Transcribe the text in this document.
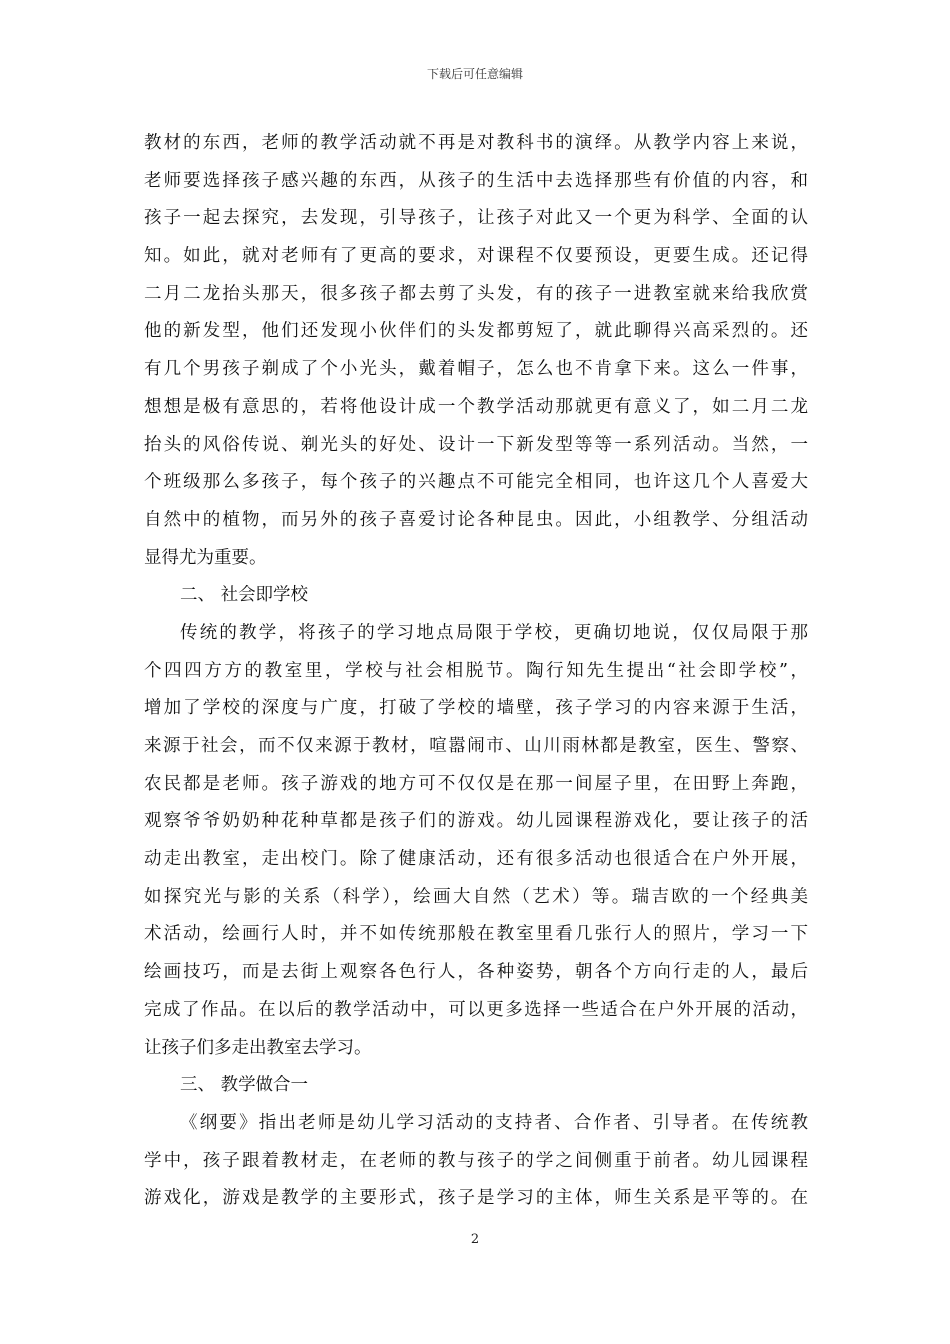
下载后可任意编辑
教材的东西，老师的教学活动就不再是对教科书的演绎。从教学内容上来说，
老师要选择孩子感兴趣的东西，从孩子的生活中去选择那些有价值的内容，和
孩子一起去探究，去发现，引导孩子，让孩子对此又一个更为科学、全面的认
知。如此，就对老师有了更高的要求，对课程不仅要预设，更要生成。还记得
二月二龙抬头那天，很多孩子都去剪了头发，有的孩子一进教室就来给我欣赏
他的新发型，他们还发现小伙伴们的头发都剪短了，就此聊得兴高采烈的。还
有几个男孩子剃成了个小光头，戴着帽子，怎么也不肯拿下来。这么一件事，
想想是极有意思的，若将他设计成一个教学活动那就更有意义了，如二月二龙
抬头的风俗传说、剃光头的好处、设计一下新发型等等一系列活动。当然，一
个班级那么多孩子，每个孩子的兴趣点不可能完全相同，也许这几个人喜爱大
自然中的植物，而另外的孩子喜爱讨论各种昆虫。因此，小组教学、分组活动
显得尤为重要。
二、 社会即学校
传统的教学，将孩子的学习地点局限于学校，更确切地说，仅仅局限于那
个四四方方的教室里，学校与社会相脱节。陶行知先生提出“社会即学校”，
增加了学校的深度与广度，打破了学校的墙壁，孩子学习的内容来源于生活，
来源于社会，而不仅来源于教材，喧嚣闹市、山川雨林都是教室，医生、警察、
农民都是老师。孩子游戏的地方可不仅仅是在那一间屋子里，在田野上奔跑，
观察爷爷奶奶种花种草都是孩子们的游戏。幼儿园课程游戏化，要让孩子的活
动走出教室，走出校门。除了健康活动，还有很多活动也很适合在户外开展，
如探究光与影的关系（科学），绘画大自然（艺术）等。瑞吉欧的一个经典美
术活动，绘画行人时，并不如传统那般在教室里看几张行人的照片，学习一下
绘画技巧，而是去街上观察各色行人，各种姿势，朝各个方向行走的人，最后
完成了作品。在以后的教学活动中，可以更多选择一些适合在户外开展的活动，
让孩子们多走出教室去学习。
三、 教学做合一
《纲要》指出老师是幼儿学习活动的支持者、合作者、引导者。在传统教
学中，孩子跟着教材走，在老师的教与孩子的学之间侧重于前者。幼儿园课程
游戏化，游戏是教学的主要形式，孩子是学习的主体，师生关系是平等的。在
2
